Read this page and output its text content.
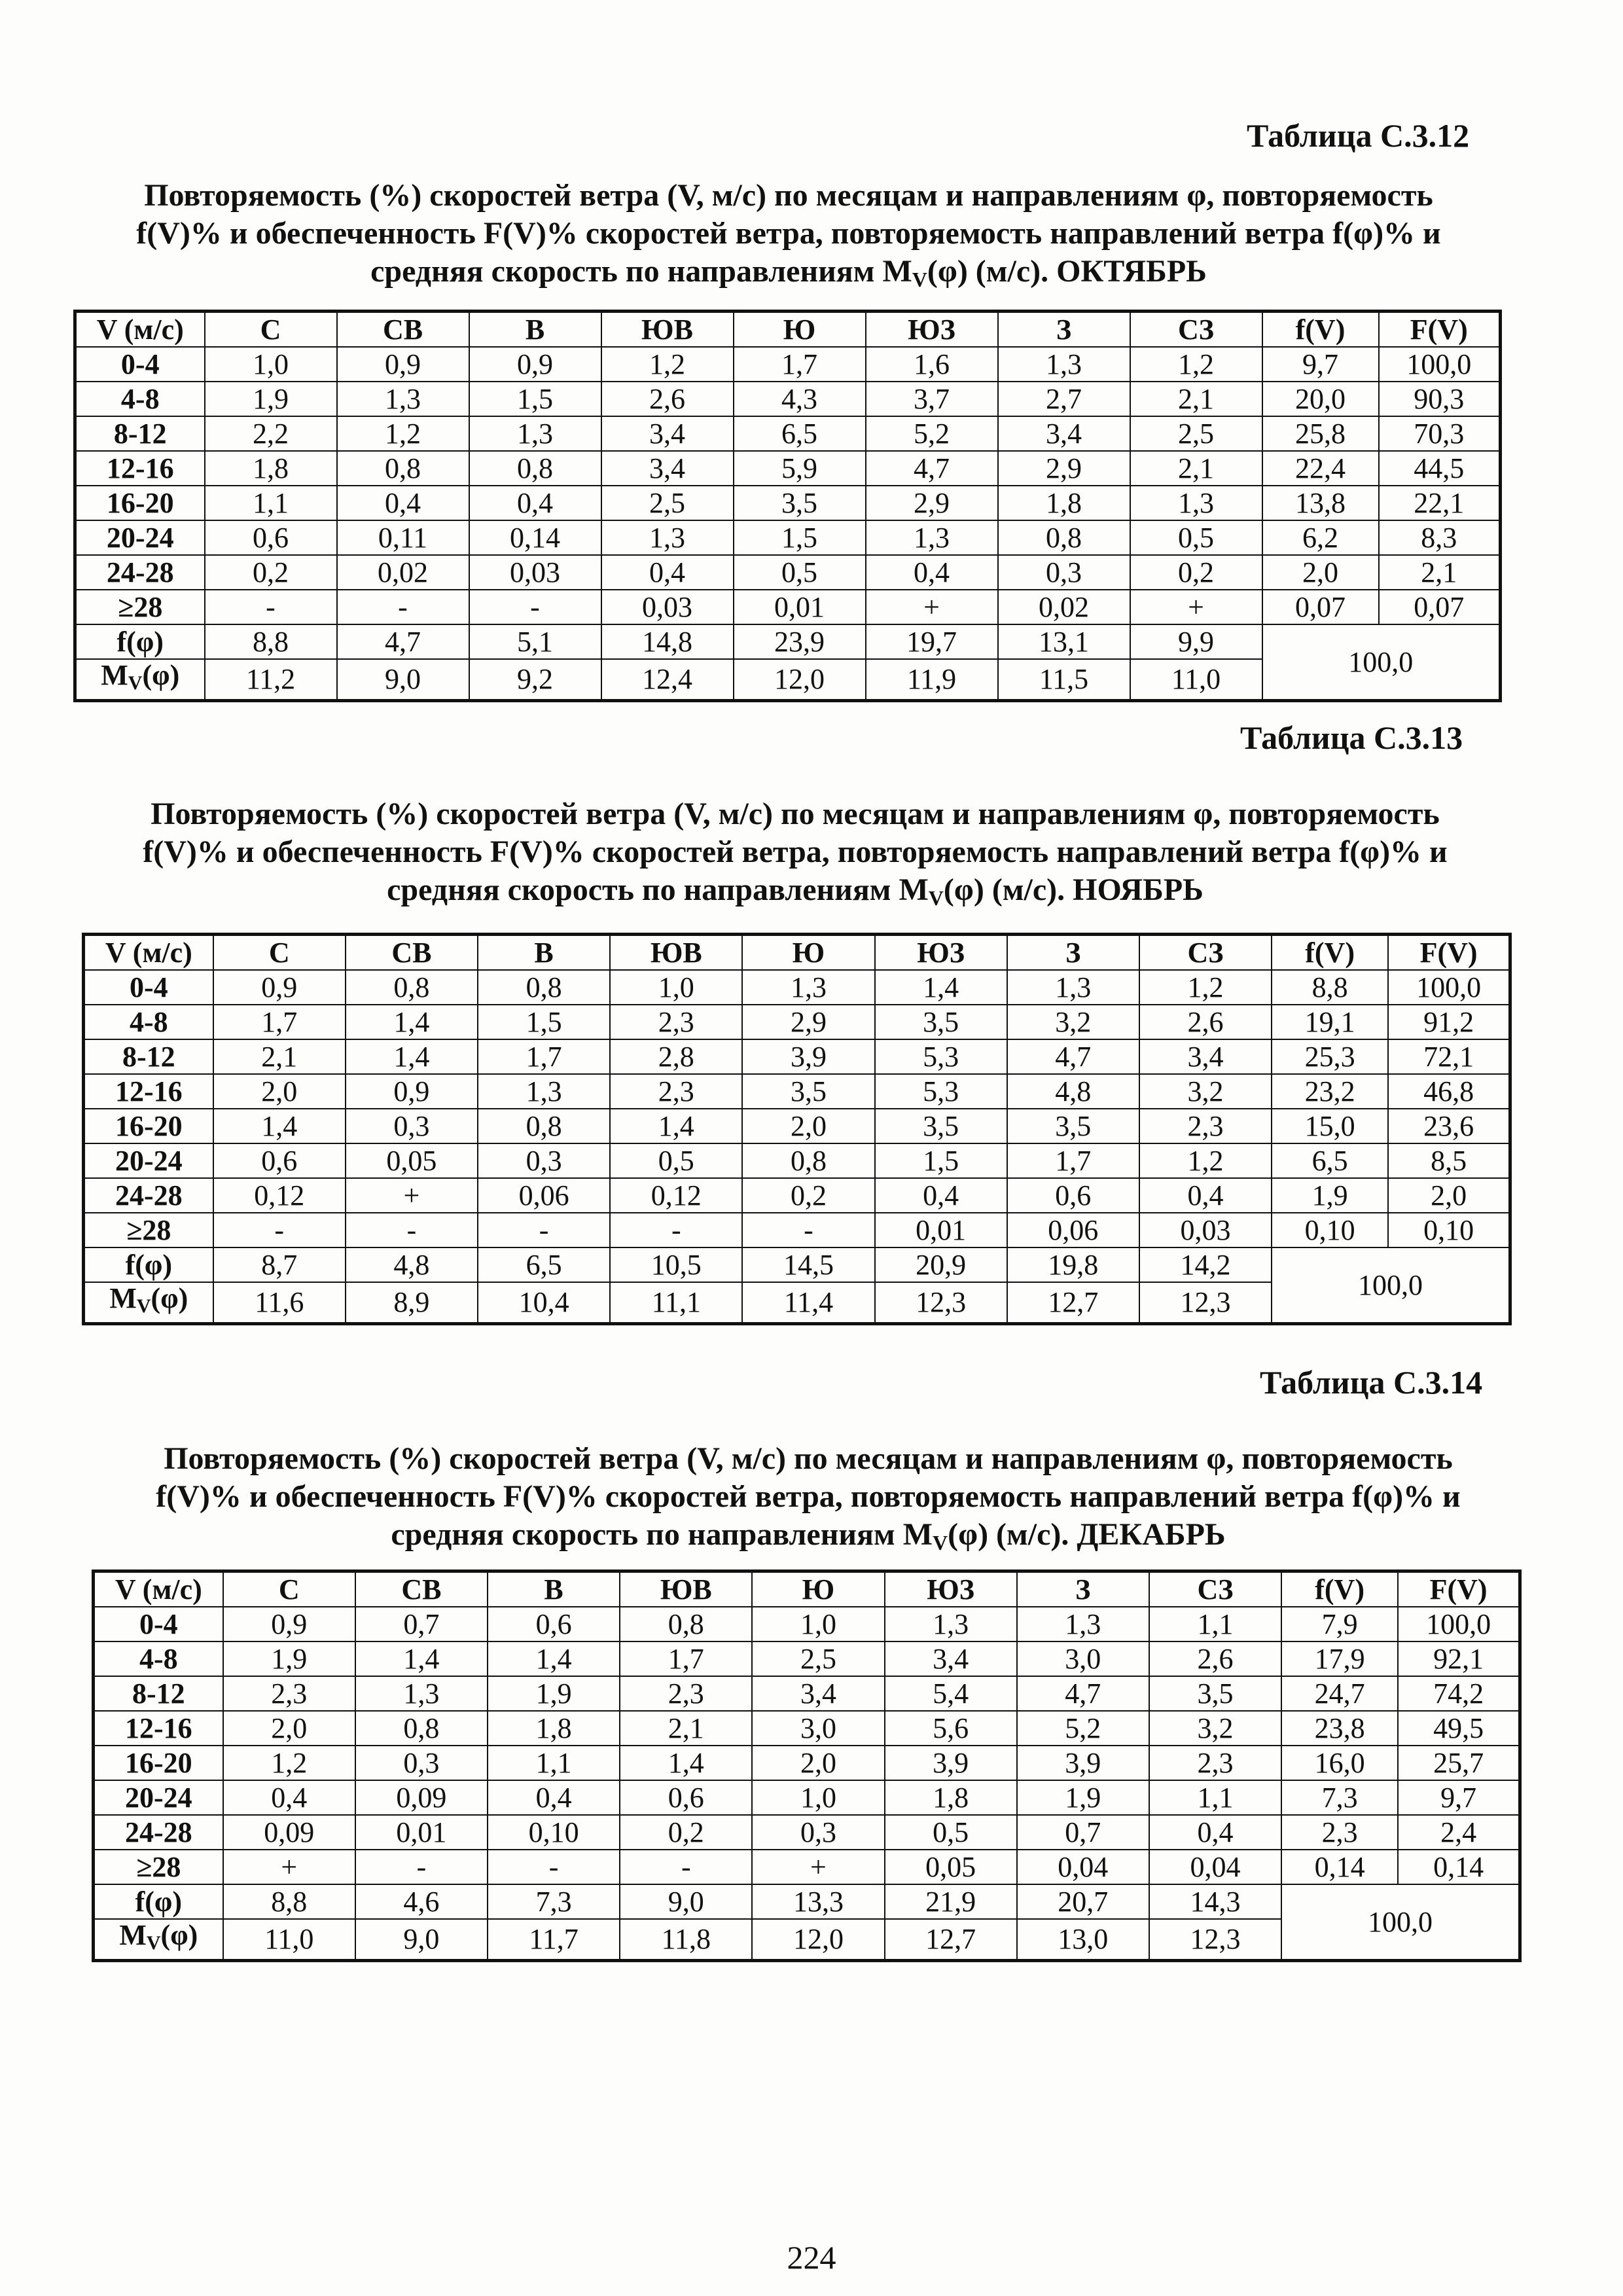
Таблица С.3.12
Повторяемость (%) скоростей ветра (V, м/с) по месяцам и направлениям φ, повторяемость
f(V)% и обеспеченность F(V)% скоростей ветра, повторяемость направлений ветра f(φ)% и
средняя скорость по направлениям $M_V(\varphi)$ (м/с). ОКТЯБРЬ
V (м/с)	С	СВ	В	ЮВ	Ю	ЮЗ	З	СЗ	f(V)	F(V)
0-4	1,0	0,9	0,9	1,2	1,7	1,6	1,3	1,2	9,7	100,0
4-8	1,9	1,3	1,5	2,6	4,3	3,7	2,7	2,1	20,0	90,3
8-12	2,2	1,2	1,3	3,4	6,5	5,2	3,4	2,5	25,8	70,3
12-16	1,8	0,8	0,8	3,4	5,9	4,7	2,9	2,1	22,4	44,5
16-20	1,1	0,4	0,4	2,5	3,5	2,9	1,8	1,3	13,8	22,1
20-24	0,6	0,11	0,14	1,3	1,5	1,3	0,8	0,5	6,2	8,3
24-28	0,2	0,02	0,03	0,4	0,5	0,4	0,3	0,2	2,0	2,1
≥28	-	-	-	0,03	0,01	+	0,02	+	0,07	0,07
f(φ)	8,8	4,7	5,1	14,8	23,9	19,7	13,1	9,9	100,0	
$M_V(\varphi)$	11,2	9,0	9,2	12,4	12,0	11,9	11,5	11,0		
Таблица С.3.13
Повторяемость (%) скоростей ветра (V, м/с) по месяцам и направлениям φ, повторяемость
f(V)% и обеспеченность F(V)% скоростей ветра, повторяемость направлений ветра f(φ)% и
средняя скорость по направлениям $M_V(\varphi)$ (м/с). НОЯБРЬ
V (м/с)	С	СВ	В	ЮВ	Ю	ЮЗ	З	СЗ	f(V)	F(V)
0-4	0,9	0,8	0,8	1,0	1,3	1,4	1,3	1,2	8,8	100,0
4-8	1,7	1,4	1,5	2,3	2,9	3,5	3,2	2,6	19,1	91,2
8-12	2,1	1,4	1,7	2,8	3,9	5,3	4,7	3,4	25,3	72,1
12-16	2,0	0,9	1,3	2,3	3,5	5,3	4,8	3,2	23,2	46,8
16-20	1,4	0,3	0,8	1,4	2,0	3,5	3,5	2,3	15,0	23,6
20-24	0,6	0,05	0,3	0,5	0,8	1,5	1,7	1,2	6,5	8,5
24-28	0,12	+	0,06	0,12	0,2	0,4	0,6	0,4	1,9	2,0
≥28	-	-	-	-	-	0,01	0,06	0,03	0,10	0,10
f(φ)	8,7	4,8	6,5	10,5	14,5	20,9	19,8	14,2	100,0	
$M_V(\varphi)$	11,6	8,9	10,4	11,1	11,4	12,3	12,7	12,3		
Таблица С.3.14
Повторяемость (%) скоростей ветра (V, м/с) по месяцам и направлениям φ, повторяемость
f(V)% и обеспеченность F(V)% скоростей ветра, повторяемость направлений ветра f(φ)% и
средняя скорость по направлениям $M_V(\varphi)$ (м/с). ДЕКАБРЬ
V (м/с)	С	СВ	В	ЮВ	Ю	ЮЗ	З	СЗ	f(V)	F(V)
0-4	0,9	0,7	0,6	0,8	1,0	1,3	1,3	1,1	7,9	100,0
4-8	1,9	1,4	1,4	1,7	2,5	3,4	3,0	2,6	17,9	92,1
8-12	2,3	1,3	1,9	2,3	3,4	5,4	4,7	3,5	24,7	74,2
12-16	2,0	0,8	1,8	2,1	3,0	5,6	5,2	3,2	23,8	49,5
16-20	1,2	0,3	1,1	1,4	2,0	3,9	3,9	2,3	16,0	25,7
20-24	0,4	0,09	0,4	0,6	1,0	1,8	1,9	1,1	7,3	9,7
24-28	0,09	0,01	0,10	0,2	0,3	0,5	0,7	0,4	2,3	2,4
≥28	+	-	-	-	+	0,05	0,04	0,04	0,14	0,14
f(φ)	8,8	4,6	7,3	9,0	13,3	21,9	20,7	14,3	100,0	
$M_V(\varphi)$	11,0	9,0	11,7	11,8	12,0	12,7	13,0	12,3		
224
